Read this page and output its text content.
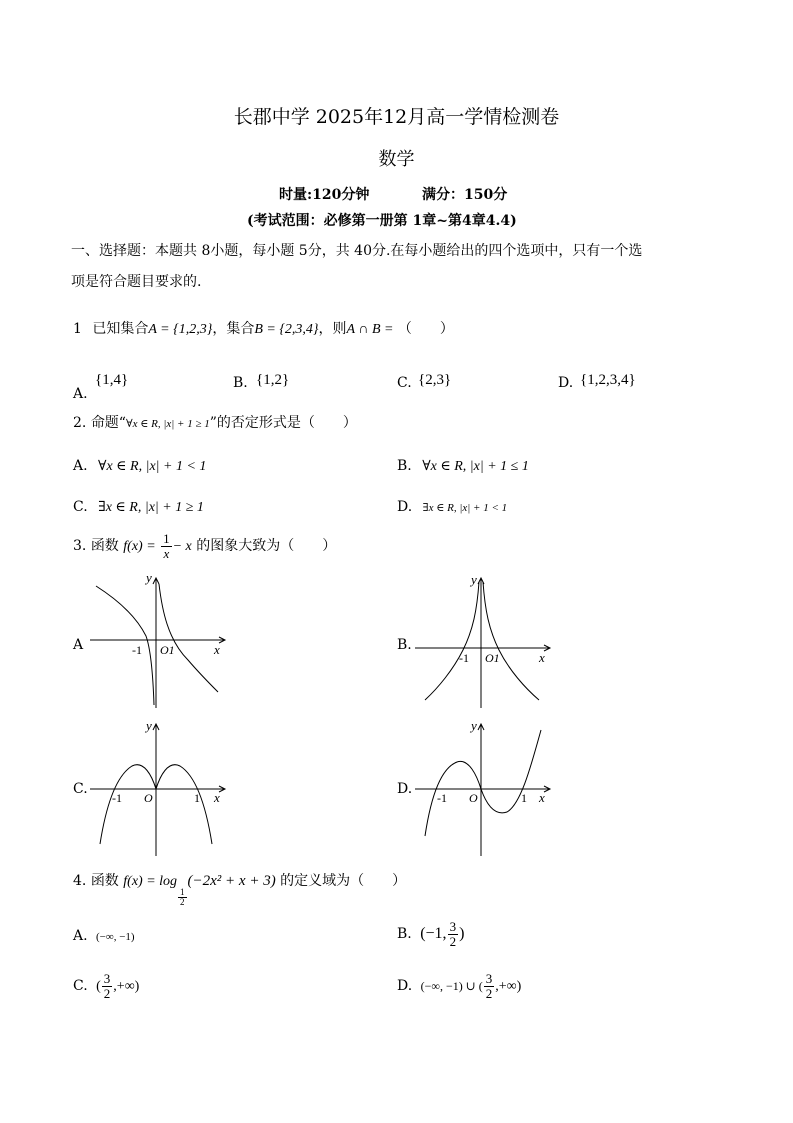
长郡中学 2025年12月高一学情检测卷
数学
时量:120分钟	满分：150分
(考试范围：必修第一册第 1章~第4章4.4)
一、选择题：本题共 8小题，每小题 5分，共 40分.在每小题给出的四个选项中，只有一个选
项是符合题目要求的.
1 已知集合A = {1,2,3}，集合B = {2,3,4}，则A ∩ B = （　　）
A.
{1,4}	B. {1,2}	C. {2,3}	D. {1,2,3,4}
2. 命题“∀x ∈ R, |x| + 1 ≥ 1”的否定形式是（　　）
A. ∀x ∈ R, |x| + 1 < 1	B. ∀x ∈ R, |x| + 1 ≤ 1
C. ∃x ∈ R, |x| + 1 ≥ 1	D. ∃x ∈ R, |x| + 1 < 1
3. 函数 $f(x) = \frac{1}{x} - x$ 的图象大致为（　　）
A	B.
C.	D.
y
x
-1 O1
y
x
-1 O1
y
x
-1 O	1
y
x
-1 O	1
4. 函数 f(x) = log
$\frac{1}{2}$
(−2x² + x + 3) 的定义域为（　　）
A. (−∞, −1)	B. (−1, $\frac{3}{2}$ )
C. ( $\frac{3}{2}$ ,+∞)	D. (−∞, −1) ∪ ( $\frac{3}{2}$ ,+∞)
